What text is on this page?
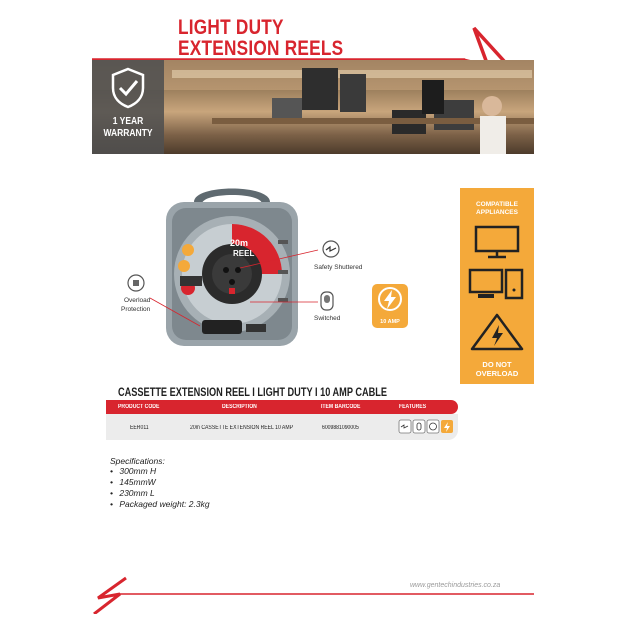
LIGHT DUTY
EXTENSION REELS
1 YEAR
WARRANTY
20m
REEL
Safety Shuttered
Switched
Overload
Protection
10 AMP
COMPATIBLE
APPLIANCES

DO NOT
OVERLOAD
CASSETTE EXTENSION REEL I LIGHT DUTY I 10 AMP CABLE
PRODUCT CODE	DESCRIPTION	ITEM BARCODE	FEATURES
EER011	20m CASSETTE EXTENSION REEL 10 AMP	6009881090005
Specifications:
• 300mm H
• 145mmW
• 230mm L
• Packaged weight: 2.3kg
www.gentechindustries.co.za
